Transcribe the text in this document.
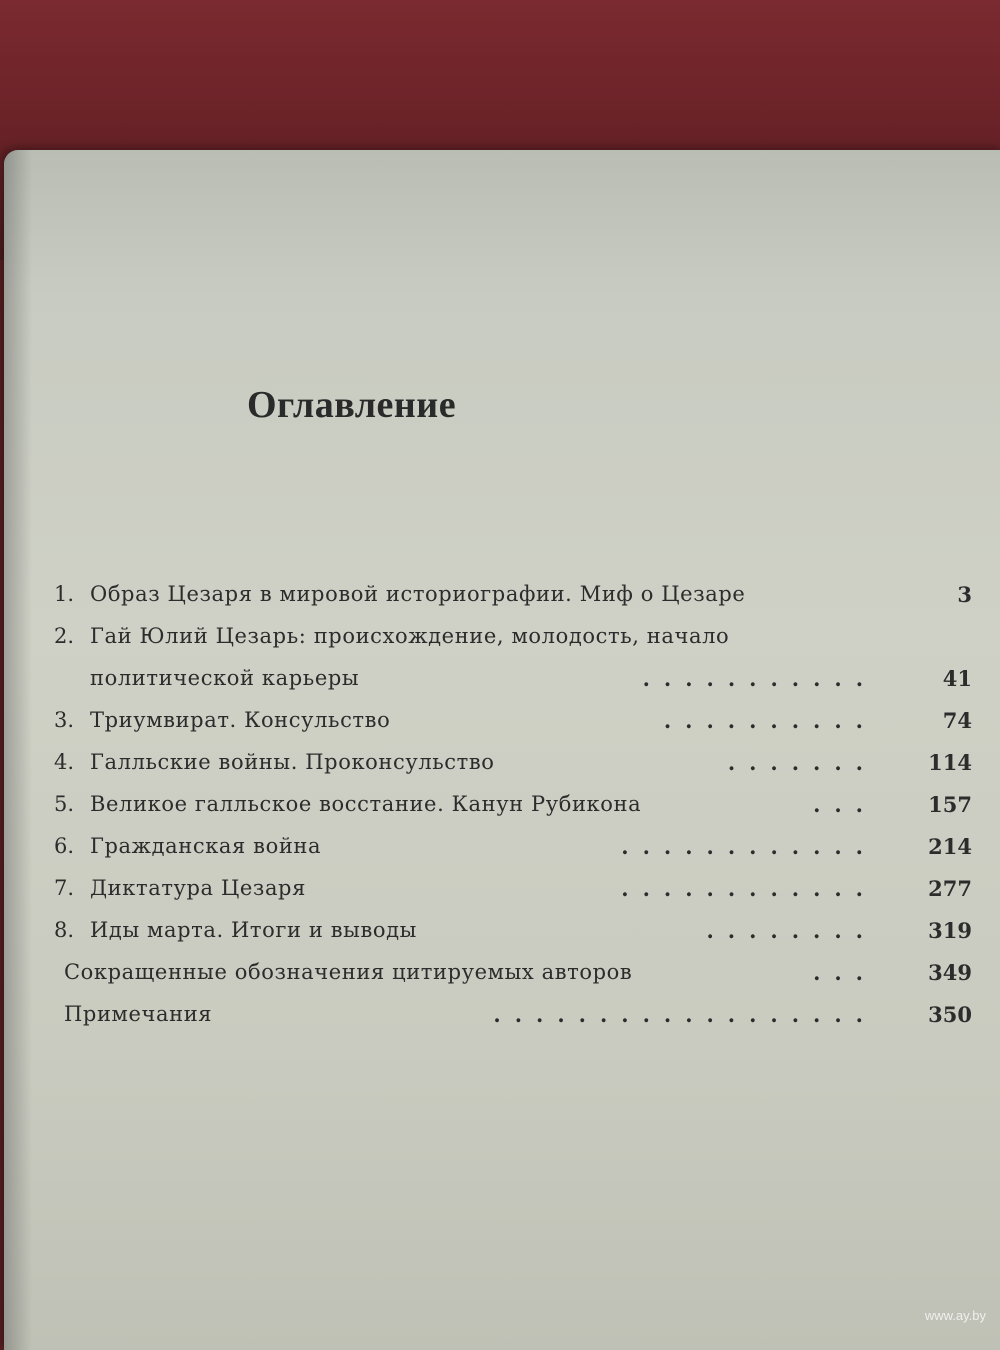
Оглавление
1. Образ Цезаря в мировой историографии. Миф о Цезаре	3
2. Гай Юлий Цезарь: происхождение, молодость, начало
политической карьеры	...........	41
3. Триумвират. Консульство	..........	74
4. Галльские войны. Проконсульство	....... 114
5. Великое галльское восстание. Канун Рубикона	... 157
6. Гражданская война	............ 214
7. Диктатура Цезаря	............ 277
8. Иды марта. Итоги и выводы	........ 319
Сокращенные обозначения цитируемых авторов	... 349
Примечания	.................. 350
www.ay.by
